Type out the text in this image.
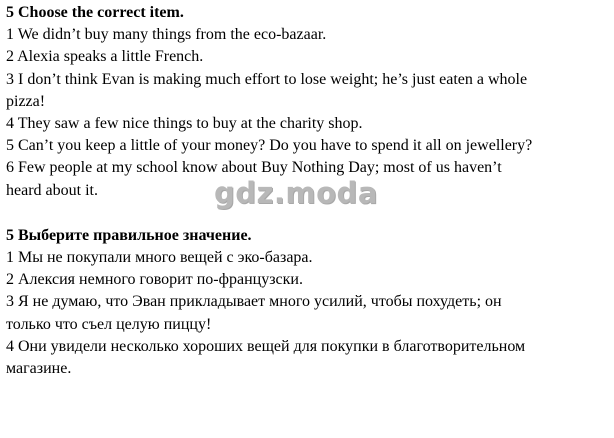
5 Choose the correct item.
1 We didn’t buy many things from the eco-bazaar.
2 Alexia speaks a little French.
3 I don’t think Evan is making much effort to lose weight; he’s just eaten a whole
pizza!
4 They saw a few nice things to buy at the charity shop.
5 Can’t you keep a little of your money? Do you have to spend it all on jewellery?
6 Few people at my school know about Buy Nothing Day; most of us haven’t
heard about it.
5 Выберите правильное значение.
1 Мы не покупали много вещей с эко-базара.
2 Алексия немного говорит по-французски.
3 Я не думаю, что Эван прикладывает много усилий, чтобы похудеть; он
только что съел целую пиццу!
4 Они увидели несколько хороших вещей для покупки в благотворительном
магазине.
gdz.moda
